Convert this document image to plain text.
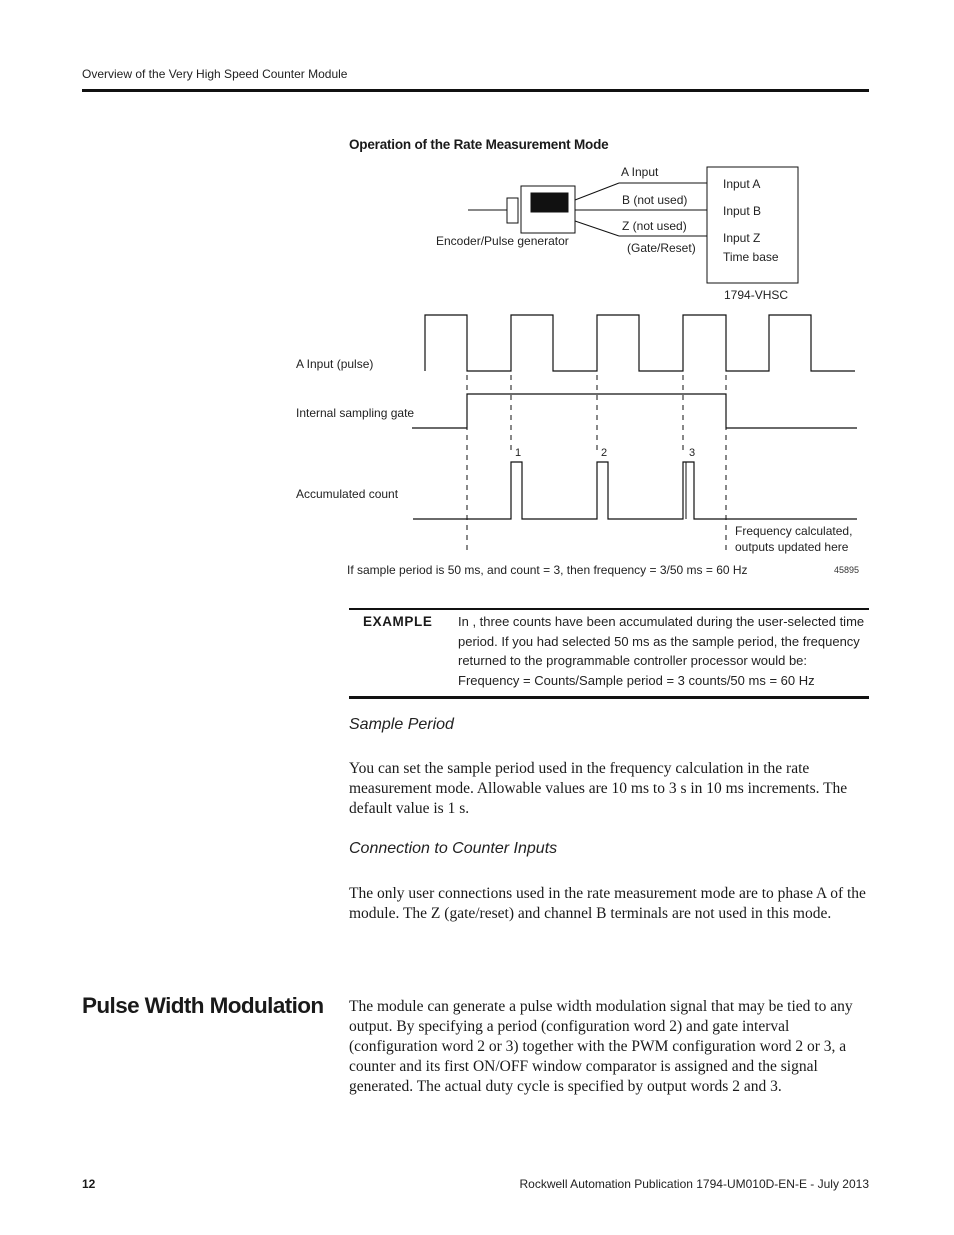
Overview of the Very High Speed Counter Module
Operation of the Rate Measurement Mode
A Input
B (not used)
Z (not used)
(Gate/Reset)
Encoder/Pulse generator
Input A
Input B
Input Z
Time base
1794-VHSC
A Input (pulse)
Internal sampling gate
Accumulated count
1	2	3
Frequency calculated,
outputs updated here
If sample period is 50 ms, and count = 3, then frequency = 3/50 ms = 60 Hz	45895
EXAMPLE In , three counts have been accumulated during the user-selected time period. If you had selected 50 ms as the sample period, the frequency returned to the programmable controller processor would be:
Frequency = Counts/Sample period = 3 counts/50 ms = 60 Hz
Sample Period
You can set the sample period used in the frequency calculation in the rate measurement mode. Allowable values are 10 ms to 3 s in 10 ms increments. The default value is 1 s.
Connection to Counter Inputs
The only user connections used in the rate measurement mode are to phase A of the module. The Z (gate/reset) and channel B terminals are not used in this mode.
Pulse Width Modulation The module can generate a pulse width modulation signal that may be tied to any output. By specifying a period (configuration word 2) and gate interval (configuration word 2 or 3) together with the PWM configuration word 2 or 3, a counter and its first ON/OFF window comparator is assigned and the signal generated. The actual duty cycle is specified by output words 2 and 3.
12	Rockwell Automation Publication 1794-UM010D-EN-E - July 2013
